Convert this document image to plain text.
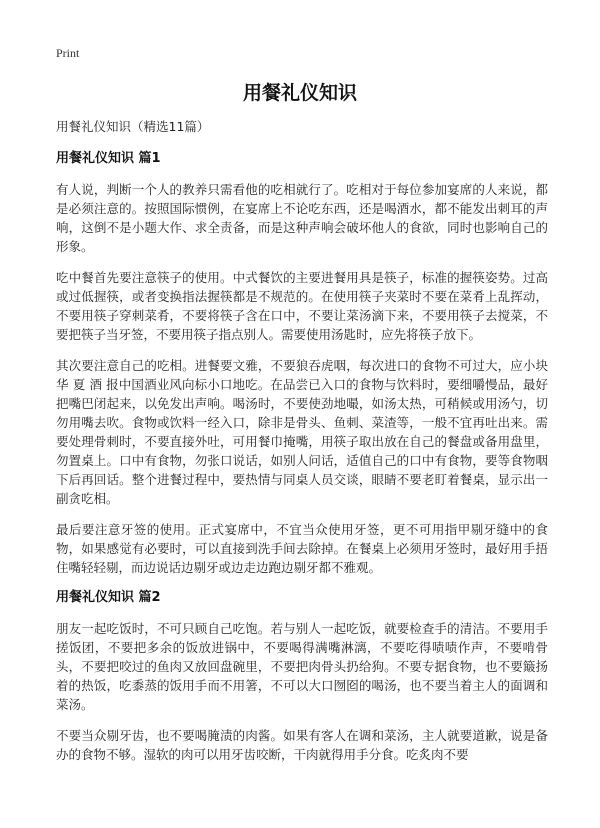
Print
用餐礼仪知识

用餐礼仪知识（精选11篇）

用餐礼仪知识 篇1

有人说，判断一个人的教养只需看他的吃相就行了。吃相对于每位参加宴席的人来说，都是必须注意的。按照国际惯例，在宴席上不论吃东西，还是喝酒水，都不能发出刺耳的声响，这倒不是小题大作、求全责备，而是这种声响会破坏他人的食欲，同时也影响自己的形象。

吃中餐首先要注意筷子的使用。中式餐饮的主要进餐用具是筷子，标准的握筷姿势。过高或过低握筷，或者变换指法握筷都是不规范的。在使用筷子夹菜时不要在菜肴上乱挥动，不要用筷子穿刺菜肴，不要将筷子含在口中，不要让菜汤滴下来，不要用筷子去搅菜，不要把筷子当牙签，不要用筷子指点别人。需要使用汤匙时，应先将筷子放下。

其次要注意自己的吃相。进餐要文雅，不要狼吞虎咽，每次进口的食物不可过大，应小块华 夏 酒 报中国酒业风向标小口地吃。在品尝已入口的食物与饮料时，要细嚼慢品，最好把嘴巴闭起来，以免发出声响。喝汤时，不要使劲地嘬，如汤太热，可稍候或用汤勺，切勿用嘴去吹。食物或饮料一经入口，除非是骨头、鱼刺、菜渣等，一般不宜再吐出来。需要处理骨刺时，不要直接外吐，可用餐巾掩嘴，用筷子取出放在自己的餐盘或备用盘里，勿置桌上。口中有食物，勿张口说话，如别人问话，适值自己的口中有食物，要等食物咽下后再回话。整个进餐过程中，要热情与同桌人员交谈，眼睛不要老盯着餐桌，显示出一副贪吃相。

最后要注意牙签的使用。正式宴席中，不宜当众使用牙签，更不可用指甲剔牙缝中的食物，如果感觉有必要时，可以直接到洗手间去除掉。在餐桌上必须用牙签时，最好用手捂住嘴轻轻剔，而边说话边剔牙或边走边跑边剔牙都不雅观。

用餐礼仪知识 篇2

朋友一起吃饭时，不可只顾自己吃饱。若与别人一起吃饭，就要检查手的清洁。不要用手搓饭团，不要把多余的饭放进锅中，不要喝得满嘴淋漓，不要吃得啧啧作声，不要啃骨头，不要把咬过的鱼肉又放回盘碗里，不要把肉骨头扔给狗。不要专据食物，也不要簸扬着的热饭，吃黍蒸的饭用手而不用箸，不可以大口囫囵的喝汤，也不要当着主人的面调和菜汤。

不要当众剔牙齿，也不要喝腌渍的肉酱。如果有客人在调和菜汤，主人就要道歉，说是备办的食物不够。湿软的肉可以用牙齿咬断，干肉就得用手分食。吃炙肉不要
